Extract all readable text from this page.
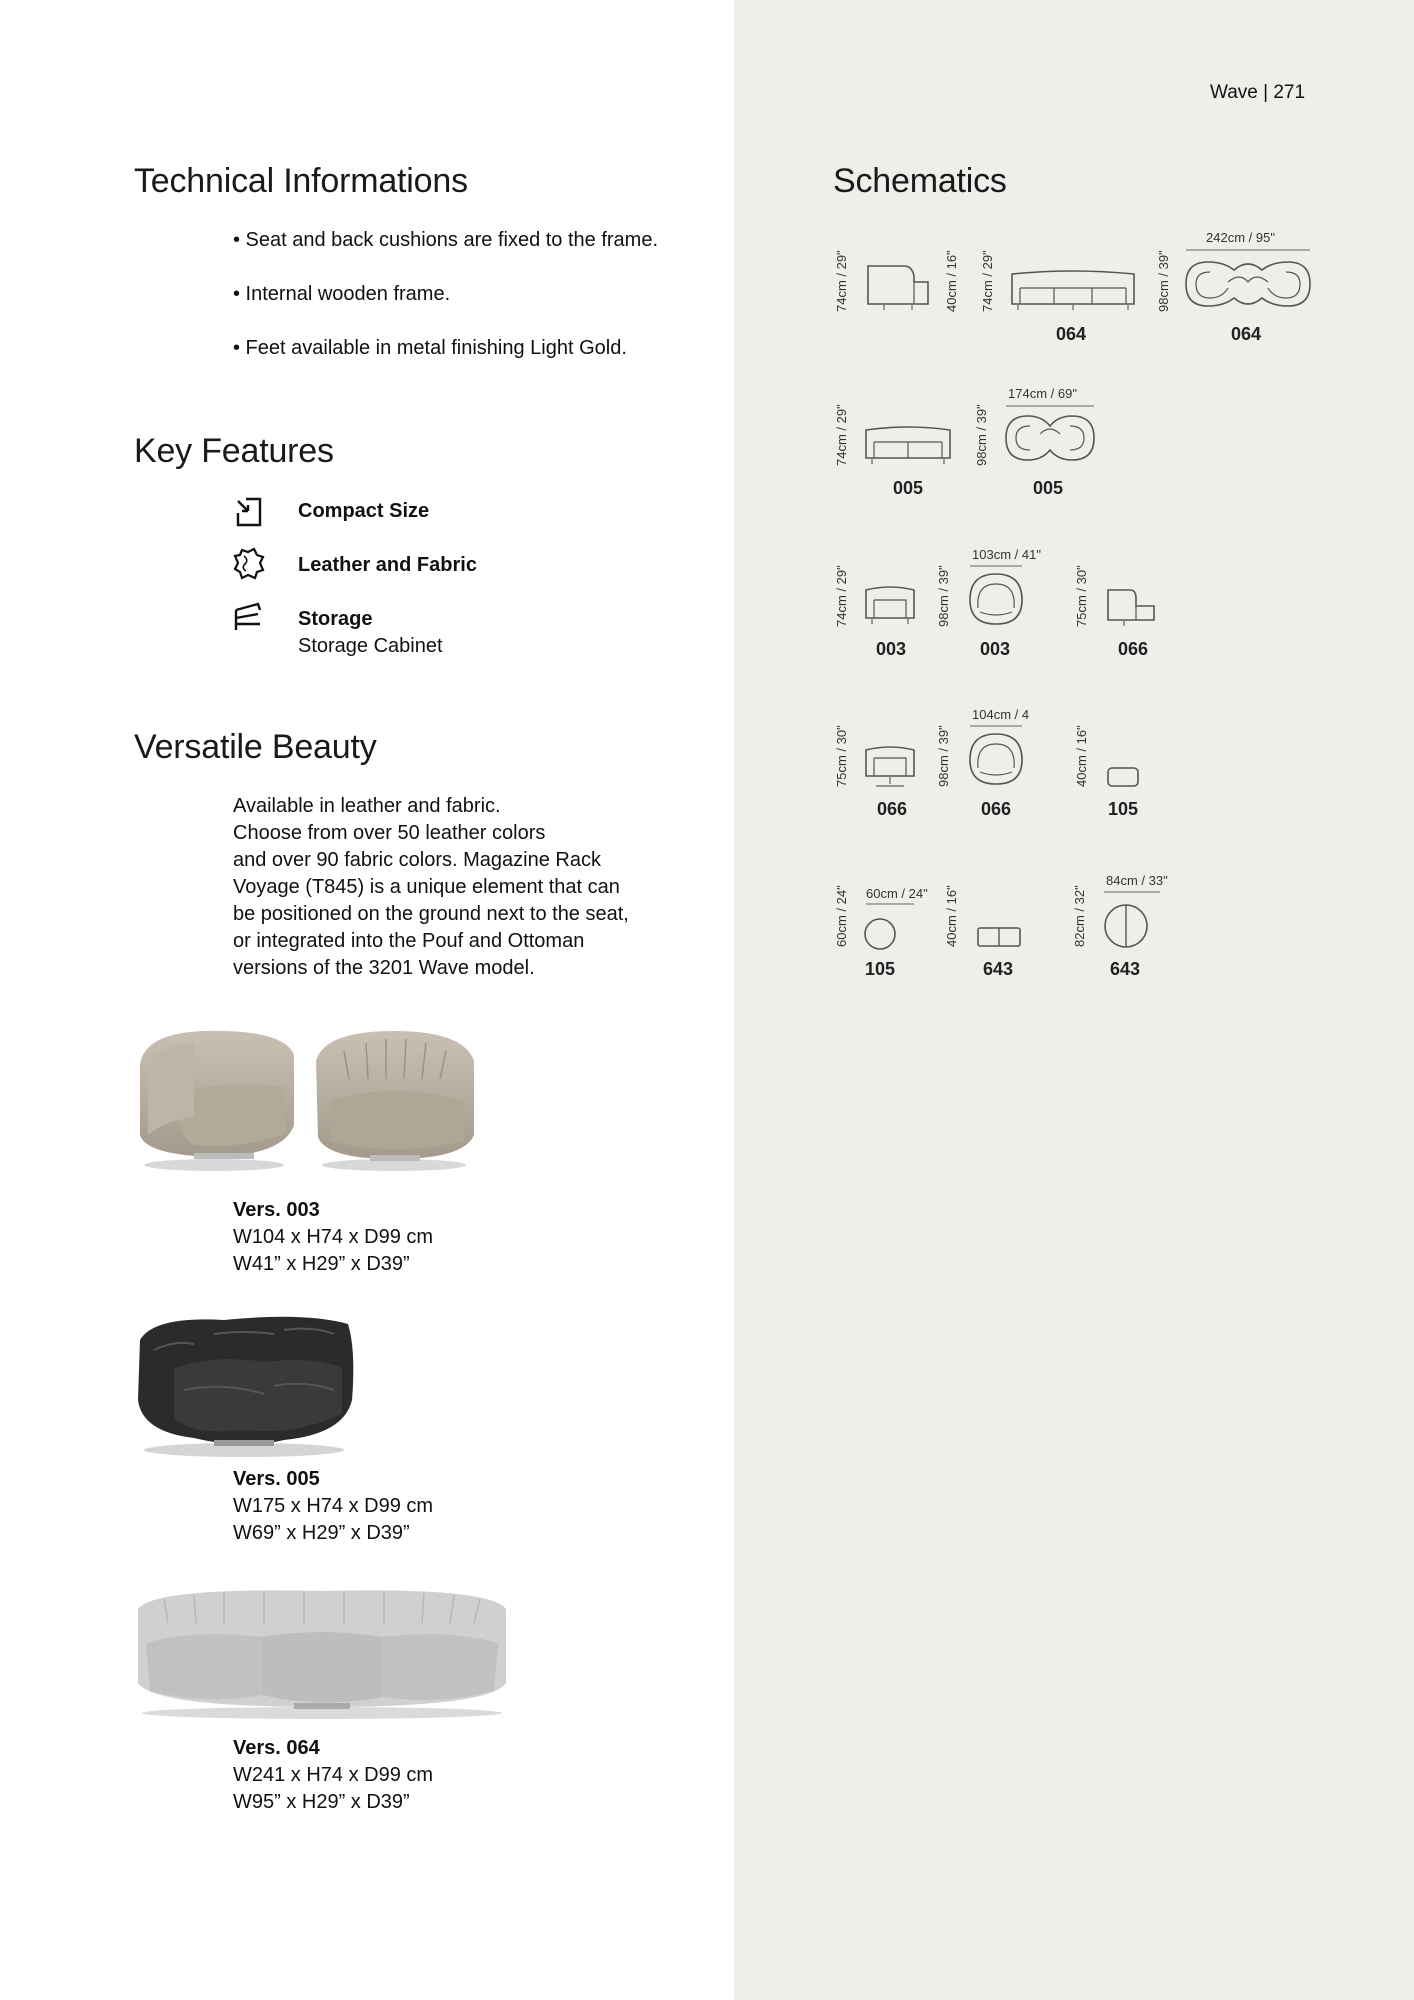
Wave | 271
Technical Informations
• Seat and back cushions are fixed to the frame.
• Internal wooden frame.
• Feet available in metal finishing Light Gold.
Key Features
Compact Size
Leather and Fabric
Storage
Storage Cabinet
Versatile Beauty
Available in leather and fabric.
Choose from over 50 leather colors
and over 90 fabric colors. Magazine Rack
Voyage (T845) is a unique element that can
be positioned on the ground next to the seat,
or integrated into the Pouf and Ottoman
versions of the 3201 Wave model.
Vers. 003
W104 x H74 x D99 cm
W41” x H29” x D39”
Vers. 005
W175 x H74 x D99 cm
W69” x H29” x D39”
Vers. 064
W241 x H74 x D99 cm
W95” x H29” x D39”
Schematics
74cm / 29"	40cm / 16" 74cm / 29"
064
98cm / 39"
242cm / 95"
064
74cm / 29"
005
98cm / 39"
174cm / 69"
005
74cm / 29"
003
98cm / 39"
103cm / 41"
003
75cm / 30"
066
75cm / 30"
066
98cm / 39"
104cm / 4
066
40cm / 16"
105
60cm / 24" 60cm / 24"
105
40cm / 16"
643
82cm / 32"
84cm / 33"
643
